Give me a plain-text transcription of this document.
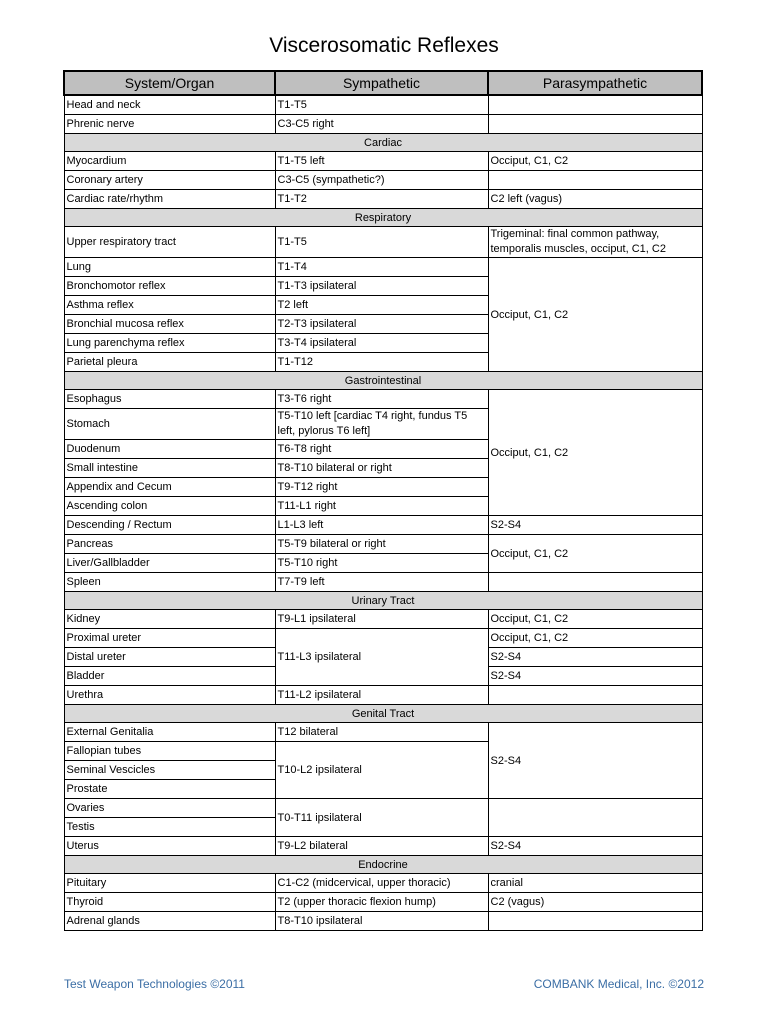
Viscerosomatic Reflexes
System/Organ	Sympathetic	Parasympathetic
Head and neck	T1-T5	
Phrenic nerve	C3-C5 right	
Cardiac		
Myocardium	T1-T5 left	Occiput, C1, C2
Coronary artery	C3-C5 (sympathetic?)	
Cardiac rate/rhythm	T1-T2	C2 left (vagus)
Respiratory		
Upper respiratory tract	T1-T5	Trigeminal: final common pathway, temporalis muscles, occiput, C1, C2
Lung	T1-T4	Occiput, C1, C2
Bronchomotor reflex	T1-T3 ipsilateral	
Asthma reflex	T2 left	
Bronchial mucosa reflex	T2-T3 ipsilateral	
Lung parenchyma reflex	T3-T4 ipsilateral	
Parietal pleura	T1-T12	
Gastrointestinal		
Esophagus	T3-T6 right	Occiput, C1, C2
Stomach	T5-T10 left [cardiac T4 right, fundus T5 left, pylorus T6 left]	
Duodenum	T6-T8 right	
Small intestine	T8-T10 bilateral or right	
Appendix and Cecum	T9-T12 right	
Ascending colon	T11-L1 right	
Descending / Rectum	L1-L3 left	S2-S4
Pancreas	T5-T9 bilateral or right	Occiput, C1, C2
Liver/Gallbladder	T5-T10 right	
Spleen	T7-T9 left	
Urinary Tract		
Kidney	T9-L1 ipsilateral	Occiput, C1, C2
Proximal ureter	T11-L3 ipsilateral	Occiput, C1, C2
Distal ureter		S2-S4
Bladder		S2-S4
Urethra	T11-L2 ipsilateral	
Genital Tract		
External Genitalia	T12 bilateral	S2-S4
Fallopian tubes	T10-L2 ipsilateral	
Seminal Vescicles		
Prostate		
Ovaries	T0-T11 ipsilateral	
Testis		
Uterus	T9-L2 bilateral	S2-S4
Endocrine		
Pituitary	C1-C2 (midcervical, upper thoracic)	cranial
Thyroid	T2 (upper thoracic flexion hump)	C2 (vagus)
Adrenal glands	T8-T10 ipsilateral	
Test Weapon Technologies ©2011	COMBANK Medical, Inc. ©2012
